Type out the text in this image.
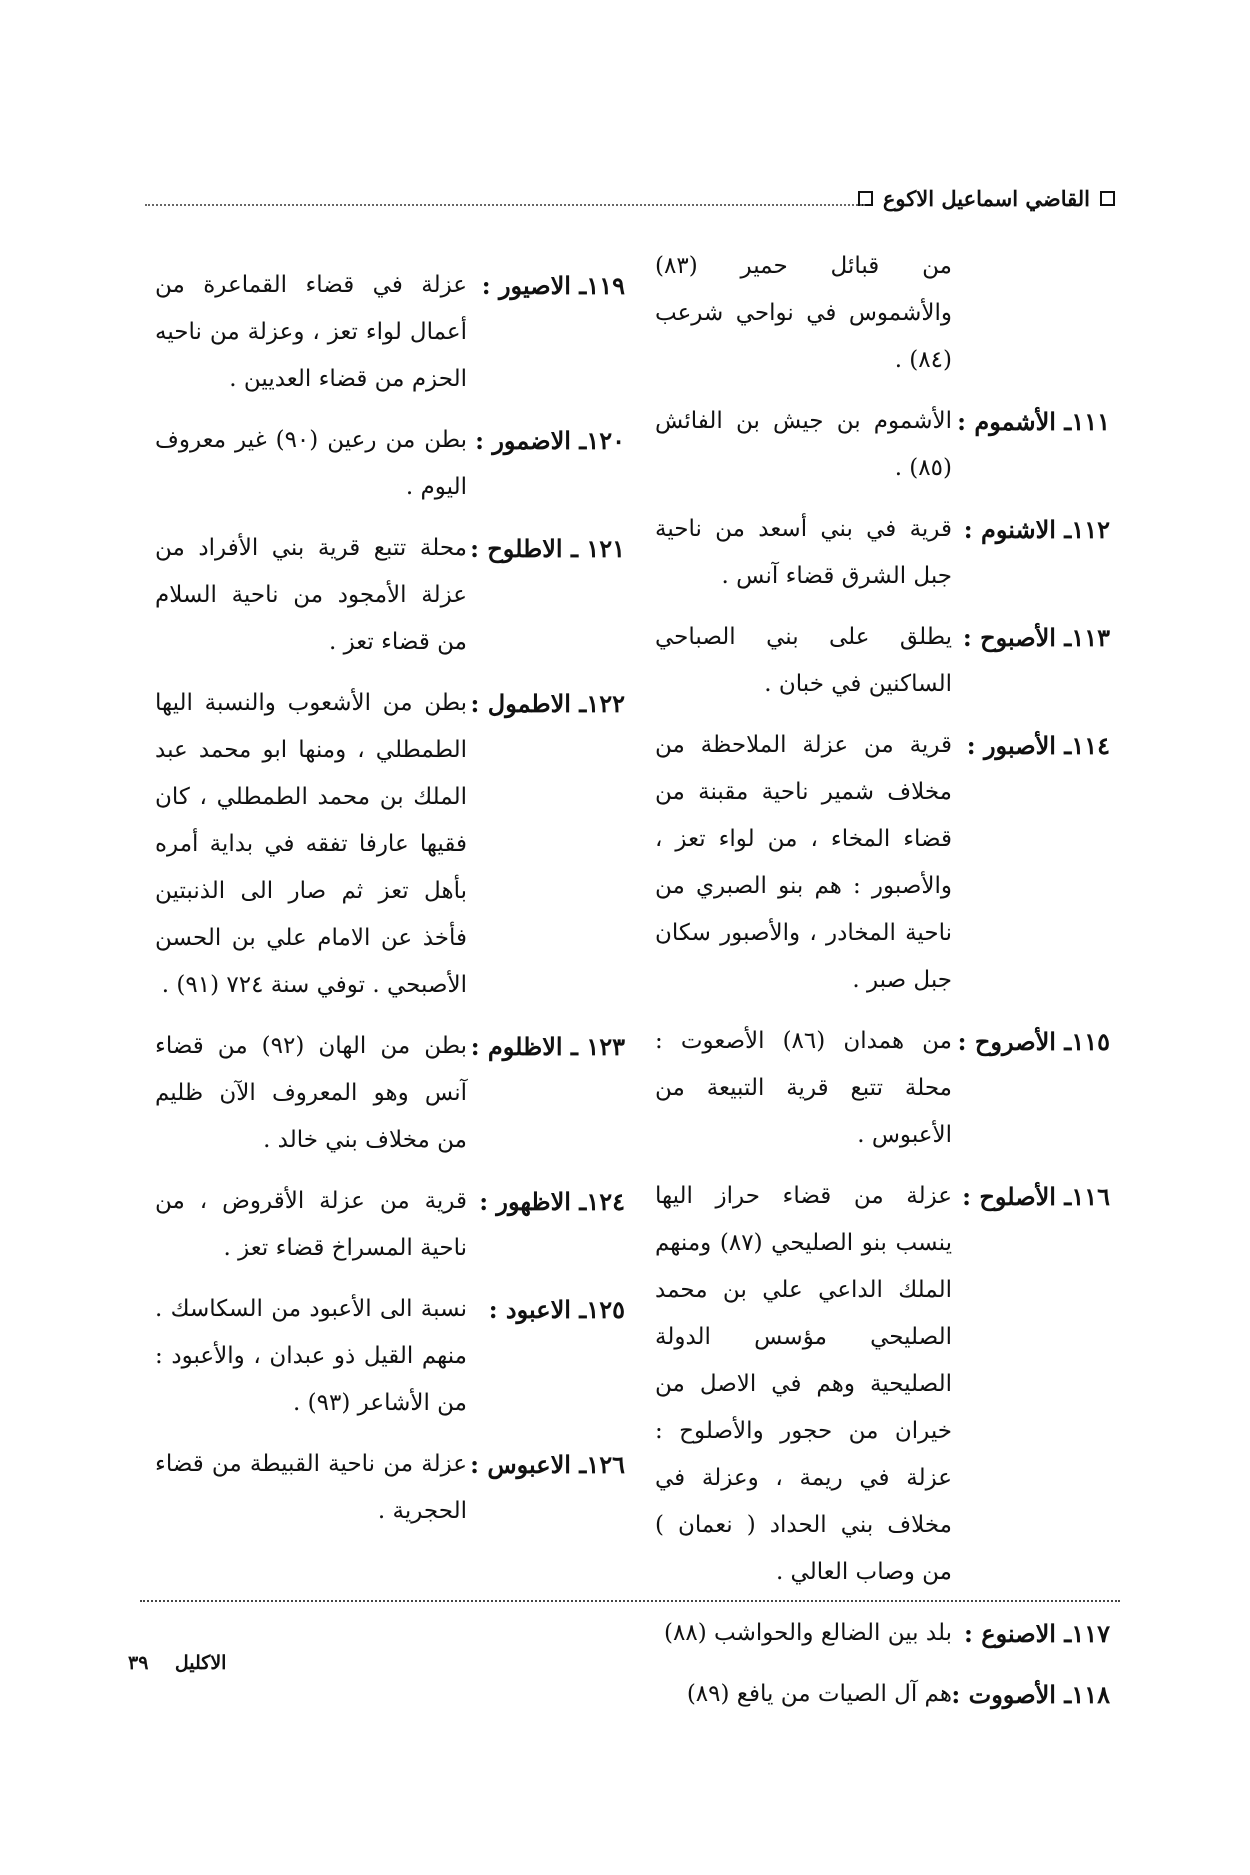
القاضي اسماعيل الاكوع
من قبائل حمير (٨٣) والأشموس في نواحي شرعب (٨٤) .
١١١ـ الأشموم :
الأشموم بن جيش بن الفائش (٨٥) .
١١٢ـ الاشنوم :
قرية في بني أسعد من ناحية جبل الشرق قضاء آنس .
١١٣ـ الأصبوح :
يطلق على بني الصباحي الساكنين في خبان .
١١٤ـ الأصبور :
قرية من عزلة الملاحظة من مخلاف شمير ناحية مقبنة من قضاء المخاء ، من لواء تعز ، والأصبور : هم بنو الصبري من ناحية المخادر ، والأصبور سكان جبل صبر .
١١٥ـ الأصروح :
من همدان (٨٦) الأصعوت : محلة تتبع قرية التبيعة من الأعبوس .
١١٦ـ الأصلوح :
عزلة من قضاء حراز اليها ينسب بنو الصليحي (٨٧) ومنهم الملك الداعي علي بن محمد الصليحي مؤسس الدولة الصليحية وهم في الاصل من خيران من حجور والأصلوح : عزلة في ريمة ، وعزلة في مخلاف بني الحداد ( نعمان ) من وصاب العالي .
١١٧ـ الاصنوع :
بلد بين الضالع والحواشب (٨٨)
١١٨ـ الأصووت :
هم آل الصيات من يافع (٨٩)
١١٩ـ الاصيور :
عزلة في قضاء القماعرة من أعمال لواء تعز ، وعزلة من ناحيه الحزم من قضاء العديين .
١٢٠ـ الاضمور :
بطن من رعين (٩٠) غير معروف اليوم .
١٢١ ـ الاطلوح :
محلة تتبع قرية بني الأفراد من عزلة الأمجود من ناحية السلام من قضاء تعز .
١٢٢ـ الاطمول :
بطن من الأشعوب والنسبة اليها الطمطلي ، ومنها ابو محمد عبد الملك بن محمد الطمطلي ، كان فقيها عارفا تفقه في بداية أمره بأهل تعز ثم صار الى الذنبتين فأخذ عن الامام علي بن الحسن الأصبحي . توفي سنة ٧٢٤ (٩١) .
١٢٣ ـ الاظلوم :
بطن من الهان (٩٢) من قضاء آنس وهو المعروف الآن ظليم من مخلاف بني خالد .
١٢٤ـ الاظهور :
قرية من عزلة الأقروض ، من ناحية المسراخ قضاء تعز .
١٢٥ـ الاعبود :
نسبة الى الأعبود من السكاسك . منهم القيل ذو عبدان ، والأعبود : من الأشاعر (٩٣) .
١٢٦ـ الاعبوس :
عزلة من ناحية القبيطة من قضاء الحجرية .
الاكليل    ٣٩
